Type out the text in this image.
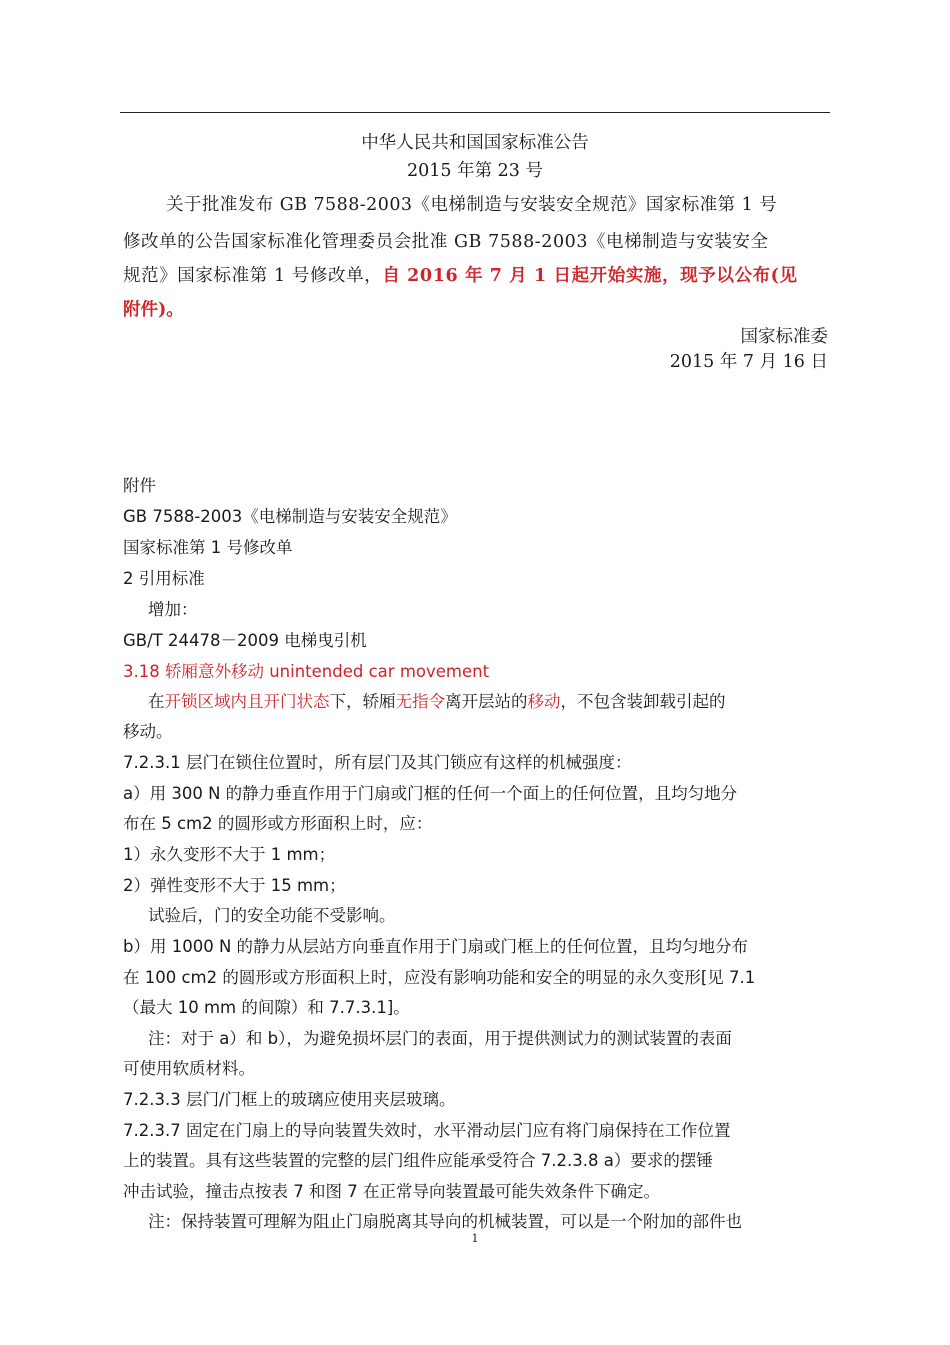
中华人民共和国国家标准公告
2015 年第 23 号
关于批准发布 GB 7588-2003《电梯制造与安装安全规范》国家标准第 1 号
修改单的公告国家标准化管理委员会批准 GB 7588-2003《电梯制造与安装安全
规范》国家标准第 1 号修改单，自 2016 年 7 月 1 日起开始实施，现予以公布(见
附件)。
国家标准委
2015 年 7 月 16 日
附件
GB 7588-2003《电梯制造与安装安全规范》
国家标准第 1 号修改单
2 引用标准
增加：
GB/T 24478－2009 电梯曳引机
3.18 轿厢意外移动 unintended car movement
在开锁区域内且开门状态下，轿厢无指令离开层站的移动，不包含装卸载引起的
移动。
7.2.3.1 层门在锁住位置时，所有层门及其门锁应有这样的机械强度：
a）用 300 N 的静力垂直作用于门扇或门框的任何一个面上的任何位置，且均匀地分
布在 5 cm2 的圆形或方形面积上时，应：
1）永久变形不大于 1 mm；
2）弹性变形不大于 15 mm；
试验后，门的安全功能不受影响。
b）用 1000 N 的静力从层站方向垂直作用于门扇或门框上的任何位置，且均匀地分布
在 100 cm2 的圆形或方形面积上时，应没有影响功能和安全的明显的永久变形[见 7.1
（最大 10 mm 的间隙）和 7.7.3.1]。
注：对于 a）和 b），为避免损坏层门的表面，用于提供测试力的测试装置的表面
可使用软质材料。
7.2.3.3 层门/门框上的玻璃应使用夹层玻璃。
7.2.3.7 固定在门扇上的导向装置失效时，水平滑动层门应有将门扇保持在工作位置
上的装置。具有这些装置的完整的层门组件应能承受符合 7.2.3.8 a）要求的摆锤
冲击试验，撞击点按表 7 和图 7 在正常导向装置最可能失效条件下确定。
注：保持装置可理解为阻止门扇脱离其导向的机械装置，可以是一个附加的部件也
1
